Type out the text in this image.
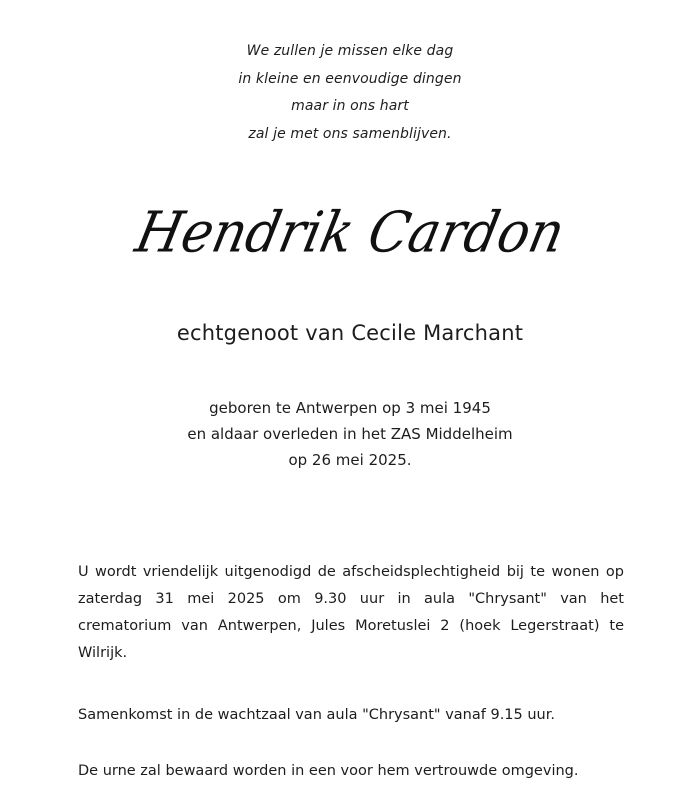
We zullen je missen elke dag
in kleine en eenvoudige dingen
maar in ons hart
zal je met ons samenblijven.
Hendrik Cardon
echtgenoot van Cecile Marchant
geboren te Antwerpen op 3 mei 1945
en aldaar overleden in het ZAS Middelheim
op 26 mei 2025.

U wordt vriendelijk uitgenodigd de afscheidsplechtigheid bij te wonen op zaterdag 31 mei 2025 om 9.30 uur in aula "Chrysant" van het crematorium van Antwerpen, Jules Moretuslei 2 (hoek Legerstraat) te Wilrijk.

Samenkomst in de wachtzaal van aula "Chrysant" vanaf 9.15 uur.

De urne zal bewaard worden in een voor hem vertrouwde omgeving.
